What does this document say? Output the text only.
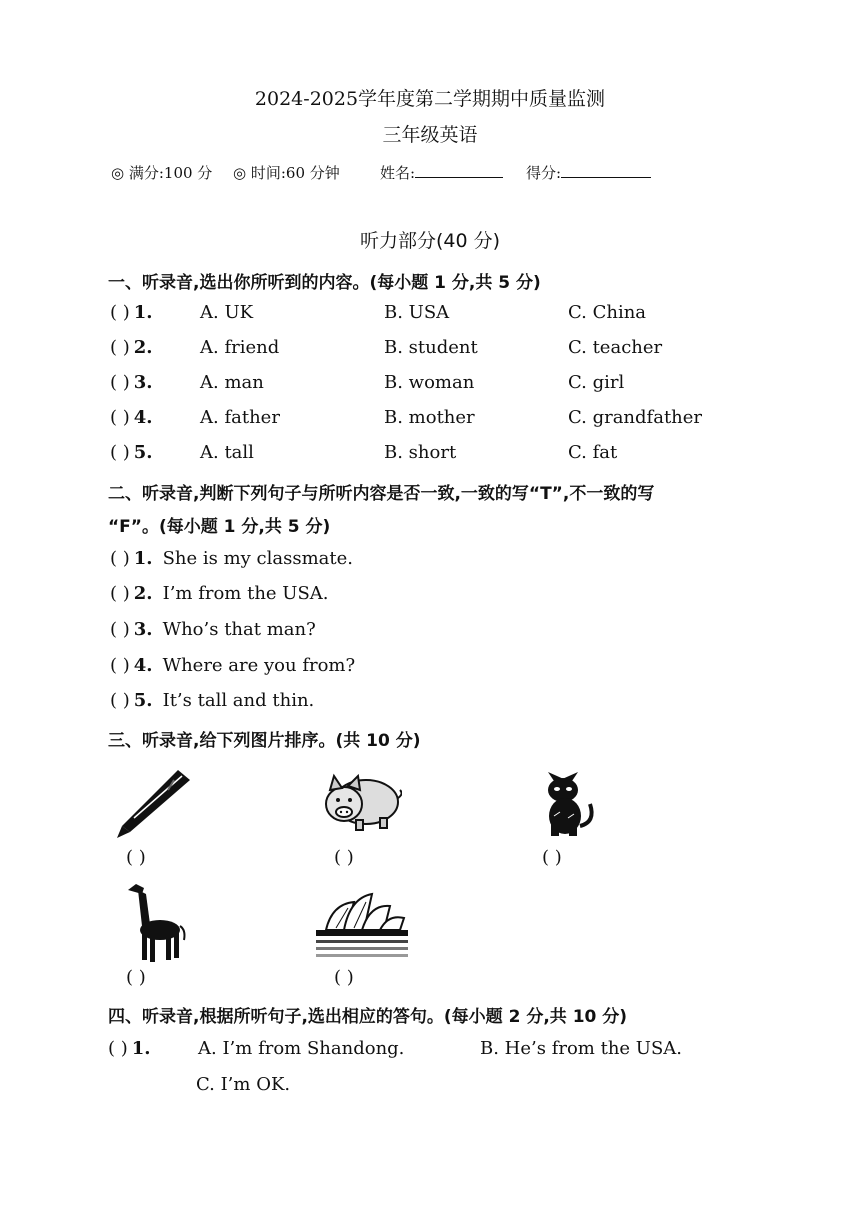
2024-2025学年度第二学期期中质量监测
三年级英语
◎ 满分:100 分 ◎ 时间:60 分钟	姓名:	得分:
听力部分(40 分)
一、听录音,选出你所听到的内容。(每小题 1 分,共 5 分)
( ) 1.	A. UK	B. USA	C. China
( ) 2.	A. friend	B. student	C. teacher
( ) 3.	A. man	B. woman	C. girl
( ) 4.	A. father	B. mother	C. grandfather
( ) 5.	A. tall	B. short	C. fat
二、听录音,判断下列句子与所听内容是否一致,一致的写“T”,不一致的写
“F”。(每小题 1 分,共 5 分)
( ) 1. She is my classmate.
( ) 2. I’m from the USA.
( ) 3. Who’s that man?
( ) 4. Where are you from?
( ) 5. It’s tall and thin.
三、听录音,给下列图片排序。(共 10 分)
( )	( )	( )
( )	( )
四、听录音,根据所听句子,选出相应的答句。(每小题 2 分,共 10 分)
( ) 1.	A. I’m from Shandong.	B. He’s from the USA.
C. I’m OK.
